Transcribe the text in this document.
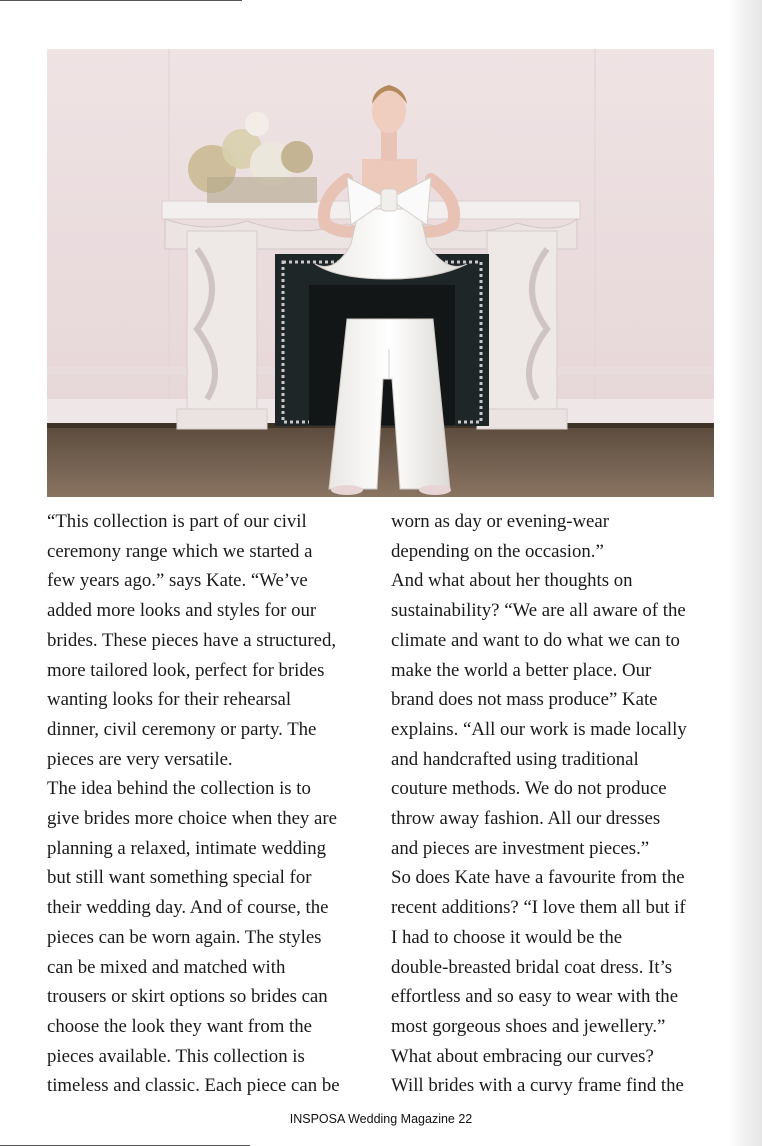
“This collection is part of our civil
ceremony range which we started a
few years ago.” says Kate. “We’ve
added more looks and styles for our
brides. These pieces have a structured,
more tailored look, perfect for brides
wanting looks for their rehearsal
dinner, civil ceremony or party. The
pieces are very versatile.

The idea behind the collection is to
give brides more choice when they are
planning a relaxed, intimate wedding
but still want something special for
their wedding day. And of course, the
pieces can be worn again. The styles
can be mixed and matched with
trousers or skirt options so brides can
choose the look they want from the
pieces available. This collection is
timeless and classic. Each piece can be

worn as day or evening-wear
depending on the occasion.”

And what about her thoughts on
sustainability? “We are all aware of the
climate and want to do what we can to
make the world a better place. Our
brand does not mass produce” Kate
explains. “All our work is made locally
and handcrafted using traditional
couture methods. We do not produce
throw away fashion. All our dresses
and pieces are investment pieces.”

So does Kate have a favourite from the
recent additions? “I love them all but if
I had to choose it would be the
double-breasted bridal coat dress. It’s
effortless and so easy to wear with the
most gorgeous shoes and jewellery.”

What about embracing our curves?
Will brides with a curvy frame find the

INSPOSA Wedding Magazine 22
